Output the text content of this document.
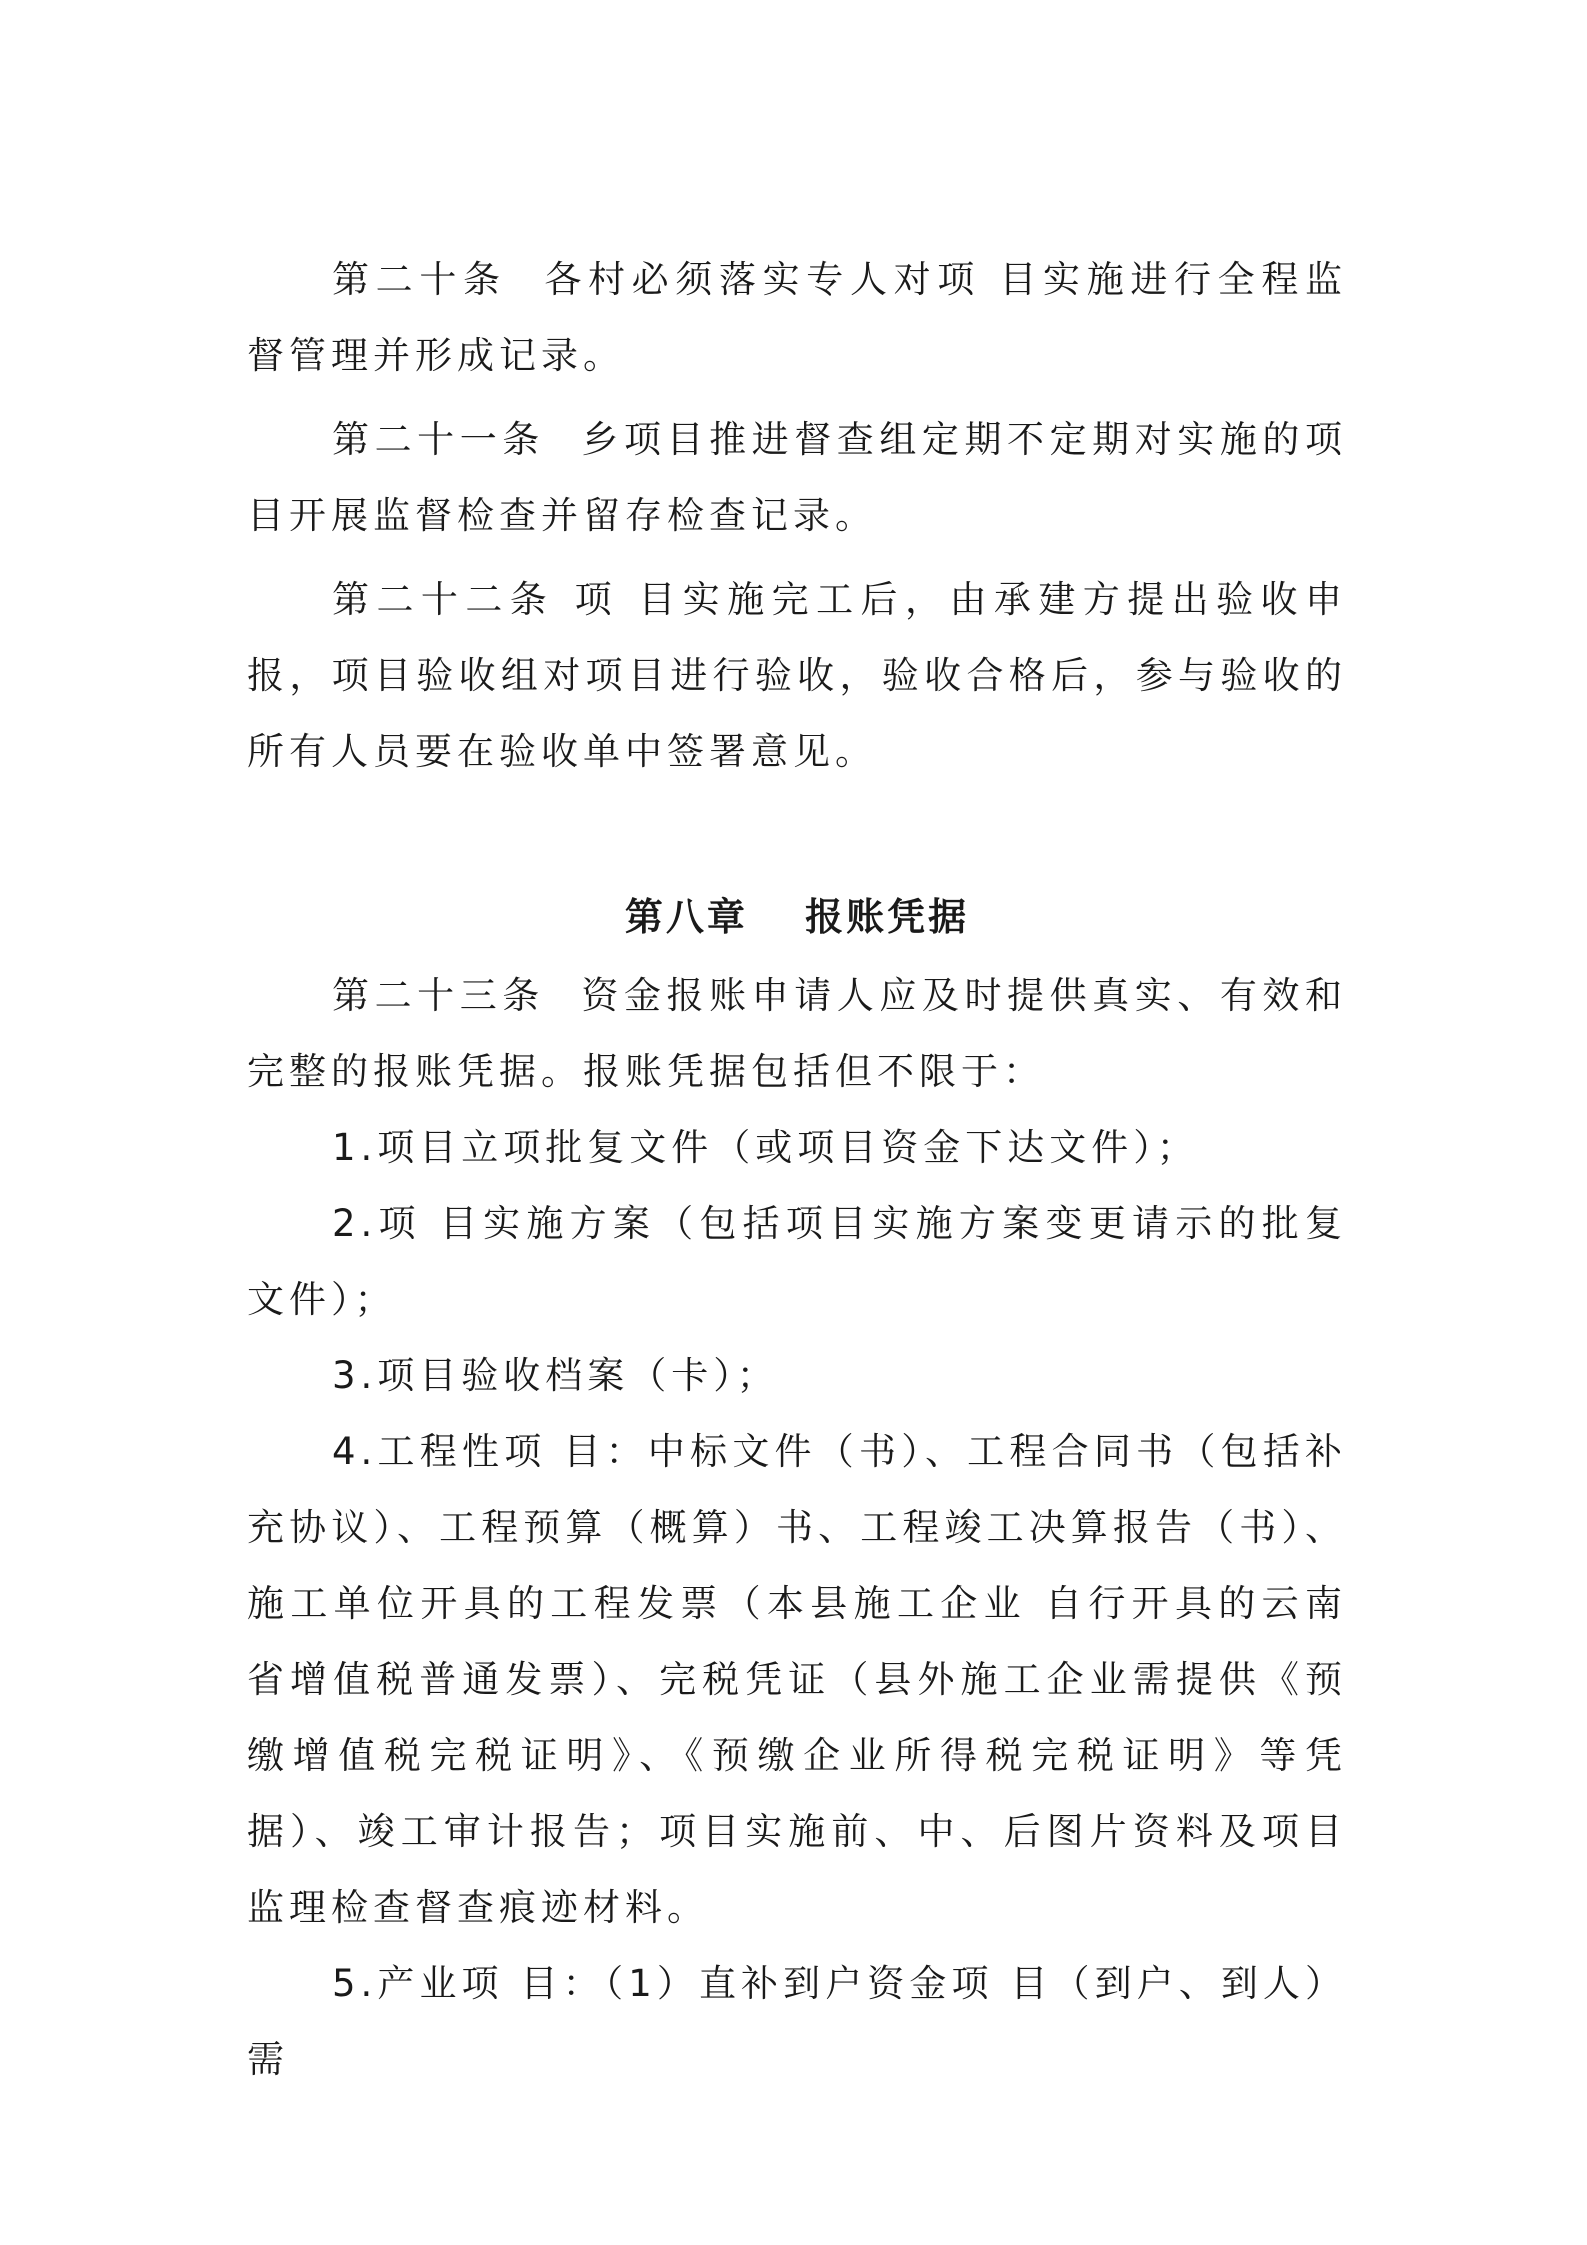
第二十条 各村必须落实专人对项 目实施进行全程监督管理并形成记录。

第二十一条 乡项目推进督查组定期不定期对实施的项目开展监督检查并留存检查记录。

第二十二条 项 目实施完工后，由承建方提出验收申报，项目验收组对项目进行验收，验收合格后，参与验收的所有人员要在验收单中签署意见。

第八章　 报账凭据

第二十三条 资金报账申请人应及时提供真实、有效和完整的报账凭据。报账凭据包括但不限于：

1.项目立项批复文件（或项目资金下达文件）；

2.项 目实施方案（包括项目实施方案变更请示的批复文件）；

3.项目验收档案（卡）；

4.工程性项 目：中标文件（书）、工程合同书（包括补充协议）、工程预算（概算）书、工程竣工决算报告（书）、施工单位开具的工程发票（本县施工企业 自行开具的云南省增值税普通发票）、完税凭证（县外施工企业需提供《预缴增值税完税证明》、《预缴企业所得税完税证明》等凭据）、竣工审计报告；项目实施前、中、后图片资料及项目监理检查督查痕迹材料。

5.产业项 目：（1）直补到户资金项 目（到户、到人）需
